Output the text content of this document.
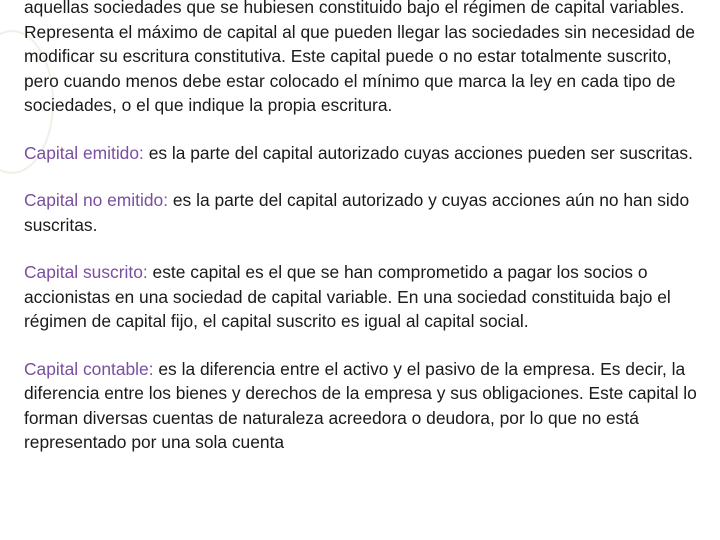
aquellas sociedades que se hubiesen constituido bajo el régimen de capital variables. Representa el máximo de capital al que pueden llegar las sociedades sin necesidad de modificar su escritura constitutiva. Este capital puede o no estar totalmente suscrito, pero cuando menos debe estar colocado el mínimo que marca la ley en cada tipo de sociedades, o el que indique la propia escritura.

Capital emitido: es la parte del capital autorizado cuyas acciones pueden ser suscritas.

Capital no emitido: es la parte del capital autorizado y cuyas acciones aún no han sido suscritas.

Capital suscrito: este capital es el que se han comprometido a pagar los socios o accionistas en una sociedad de capital variable. En una sociedad constituida bajo el régimen de capital fijo, el capital suscrito es igual al capital social.

Capital contable: es la diferencia entre el activo y el pasivo de la empresa. Es decir, la diferencia entre los bienes y derechos de la empresa y sus obligaciones. Este capital lo forman diversas cuentas de naturaleza acreedora o deudora, por lo que no está representado por una sola cuenta
